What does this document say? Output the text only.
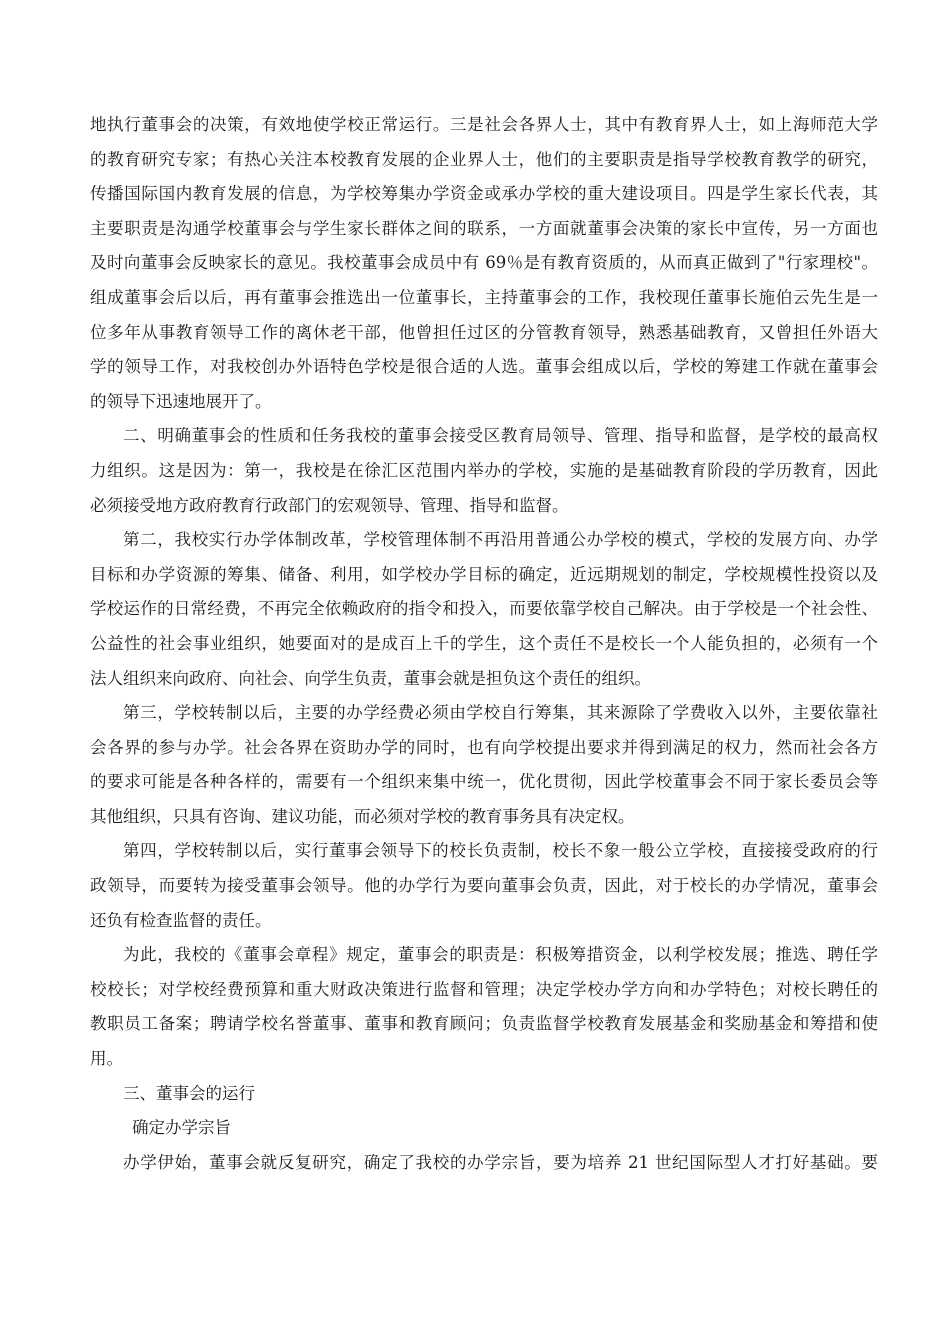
地执行董事会的决策，有效地使学校正常运行。三是社会各界人士，其中有教育界人士，如上海师范大学
的教育研究专家；有热心关注本校教育发展的企业界人士，他们的主要职责是指导学校教育教学的研究，
传播国际国内教育发展的信息，为学校筹集办学资金或承办学校的重大建设项目。四是学生家长代表，其
主要职责是沟通学校董事会与学生家长群体之间的联系，一方面就董事会决策的家长中宣传，另一方面也
及时向董事会反映家长的意见。我校董事会成员中有 69％是有教育资质的，从而真正做到了"行家理校"。
组成董事会后以后，再有董事会推选出一位董事长，主持董事会的工作，我校现任董事长施伯云先生是一
位多年从事教育领导工作的离休老干部，他曾担任过区的分管教育领导，熟悉基础教育，又曾担任外语大
学的领导工作，对我校创办外语特色学校是很合适的人选。董事会组成以后，学校的筹建工作就在董事会
的领导下迅速地展开了。
二、明确董事会的性质和任务我校的董事会接受区教育局领导、管理、指导和监督，是学校的最高权
力组织。这是因为：第一，我校是在徐汇区范围内举办的学校，实施的是基础教育阶段的学历教育，因此
必须接受地方政府教育行政部门的宏观领导、管理、指导和监督。
第二，我校实行办学体制改革，学校管理体制不再沿用普通公办学校的模式，学校的发展方向、办学
目标和办学资源的筹集、储备、利用，如学校办学目标的确定，近远期规划的制定，学校规模性投资以及
学校运作的日常经费，不再完全依赖政府的指令和投入，而要依靠学校自己解决。由于学校是一个社会性、
公益性的社会事业组织，她要面对的是成百上千的学生，这个责任不是校长一个人能负担的，必须有一个
法人组织来向政府、向社会、向学生负责，董事会就是担负这个责任的组织。
第三，学校转制以后，主要的办学经费必须由学校自行筹集，其来源除了学费收入以外，主要依靠社
会各界的参与办学。社会各界在资助办学的同时，也有向学校提出要求并得到满足的权力，然而社会各方
的要求可能是各种各样的，需要有一个组织来集中统一，优化贯彻，因此学校董事会不同于家长委员会等
其他组织，只具有咨询、建议功能，而必须对学校的教育事务具有决定权。
第四，学校转制以后，实行董事会领导下的校长负责制，校长不象一般公立学校，直接接受政府的行
政领导，而要转为接受董事会领导。他的办学行为要向董事会负责，因此，对于校长的办学情况，董事会
还负有检查监督的责任。
为此，我校的《董事会章程》规定，董事会的职责是：积极筹措资金，以利学校发展；推选、聘任学
校校长；对学校经费预算和重大财政决策进行监督和管理；决定学校办学方向和办学特色；对校长聘任的
教职员工备案；聘请学校名誉董事、董事和教育顾问；负责监督学校教育发展基金和奖励基金和筹措和使
用。
三、董事会的运行
确定办学宗旨
办学伊始，董事会就反复研究，确定了我校的办学宗旨，要为培养 21 世纪国际型人才打好基础。要
